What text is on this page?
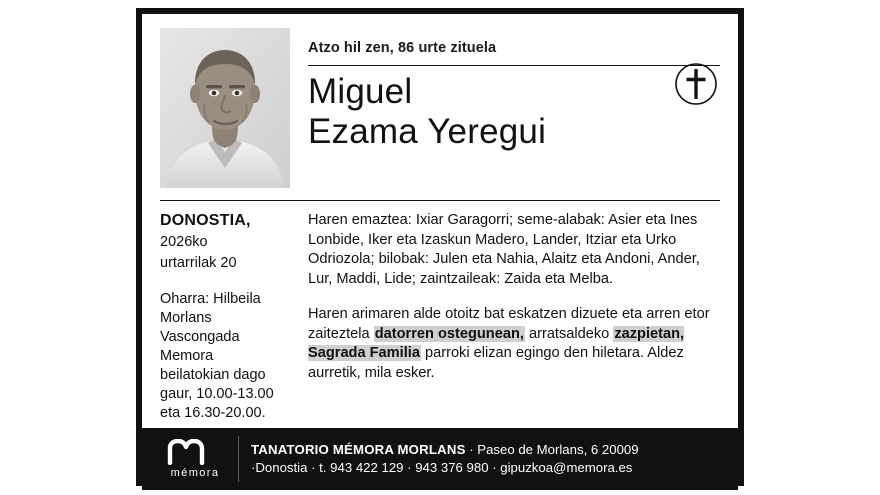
Atzo hil zen, 86 urte zituela
Miguel
Ezama Yeregui
DONOSTIA,
2026ko
urtarrilak 20
Oharra: Hilbeila Morlans Vascongada Memora beilatokian dago gaur, 10.00-13.00 eta 16.30-20.00.

Haren emaztea: Ixiar Garagorri; seme-alabak: Asier eta Ines Lonbide, Iker eta Izaskun Madero, Lander, Itziar eta Urko Odriozola; bilobak: Julen eta Nahia, Alaitz eta Andoni, Ander, Lur, Maddi, Lide; zaintzaileak: Zaida eta Melba.

Haren arimaren alde otoitz bat eskatzen dizuete eta arren etor zaiteztela datorren ostegunean, arratsaldeko zazpietan, Sagrada Familia parroki elizan egingo den hiletara. Aldez aurretik, mila esker.

mémora
TANATORIO MÉMORA MORLANS · Paseo de Morlans, 6 20009
·Donostia · t. 943 422 129 · 943 376 980 · gipuzkoa@memora.es
